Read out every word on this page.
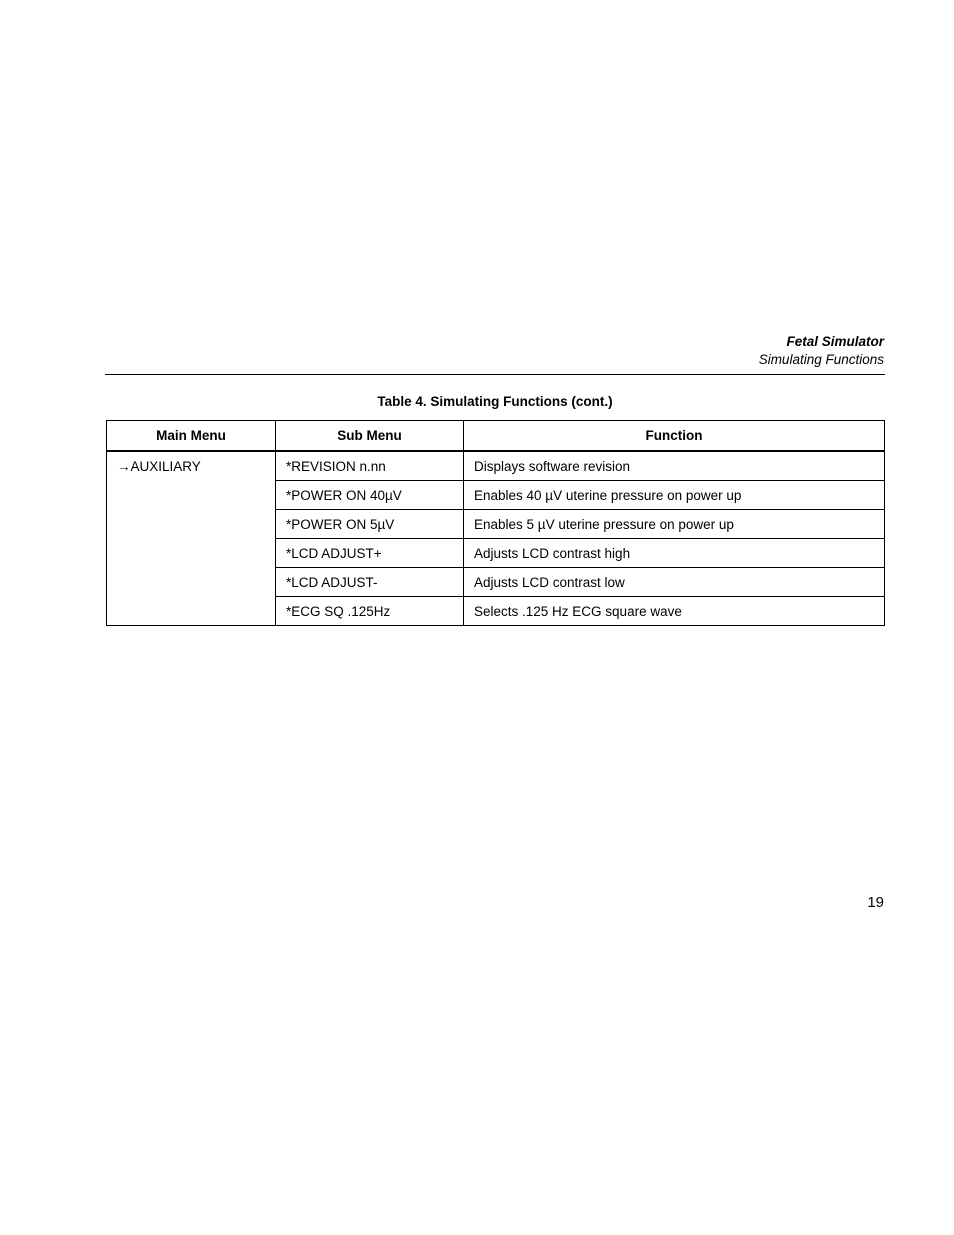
Fetal Simulator
Simulating Functions
Table 4. Simulating Functions (cont.)
Main Menu	Sub Menu	Function
→AUXILIARY	*REVISION n.nn	Displays software revision
	*POWER ON 40µV	Enables 40 µV uterine pressure on power up
	*POWER ON 5µV	Enables 5 µV uterine pressure on power up
	*LCD ADJUST+	Adjusts LCD contrast high
	*LCD ADJUST-	Adjusts LCD contrast low
	*ECG SQ .125Hz	Selects .125 Hz ECG square wave
19
